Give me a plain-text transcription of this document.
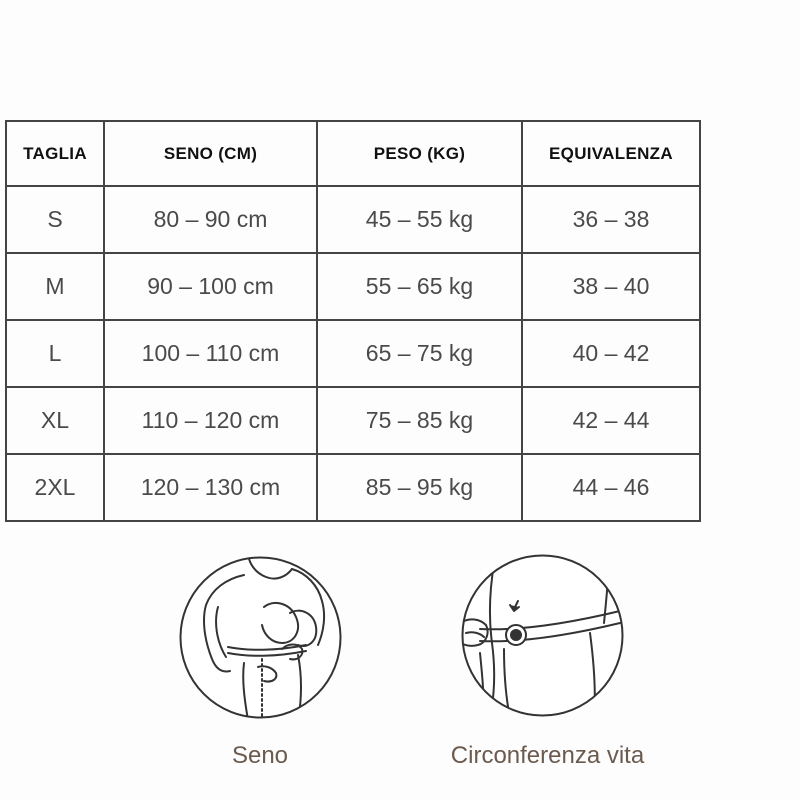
TAGLIA	SENO (CM)	PESO (KG)	EQUIVALENZA
S	80 – 90 cm	45 – 55 kg	36 – 38
M	90 – 100 cm	55 – 65 kg	38 – 40
L	100 – 110 cm	65 – 75 kg	40 – 42
XL	110 – 120 cm	75 – 85 kg	42 – 44
2XL	120 – 130 cm	85 – 95 kg	44 – 46
Seno	Circonferenza vita
